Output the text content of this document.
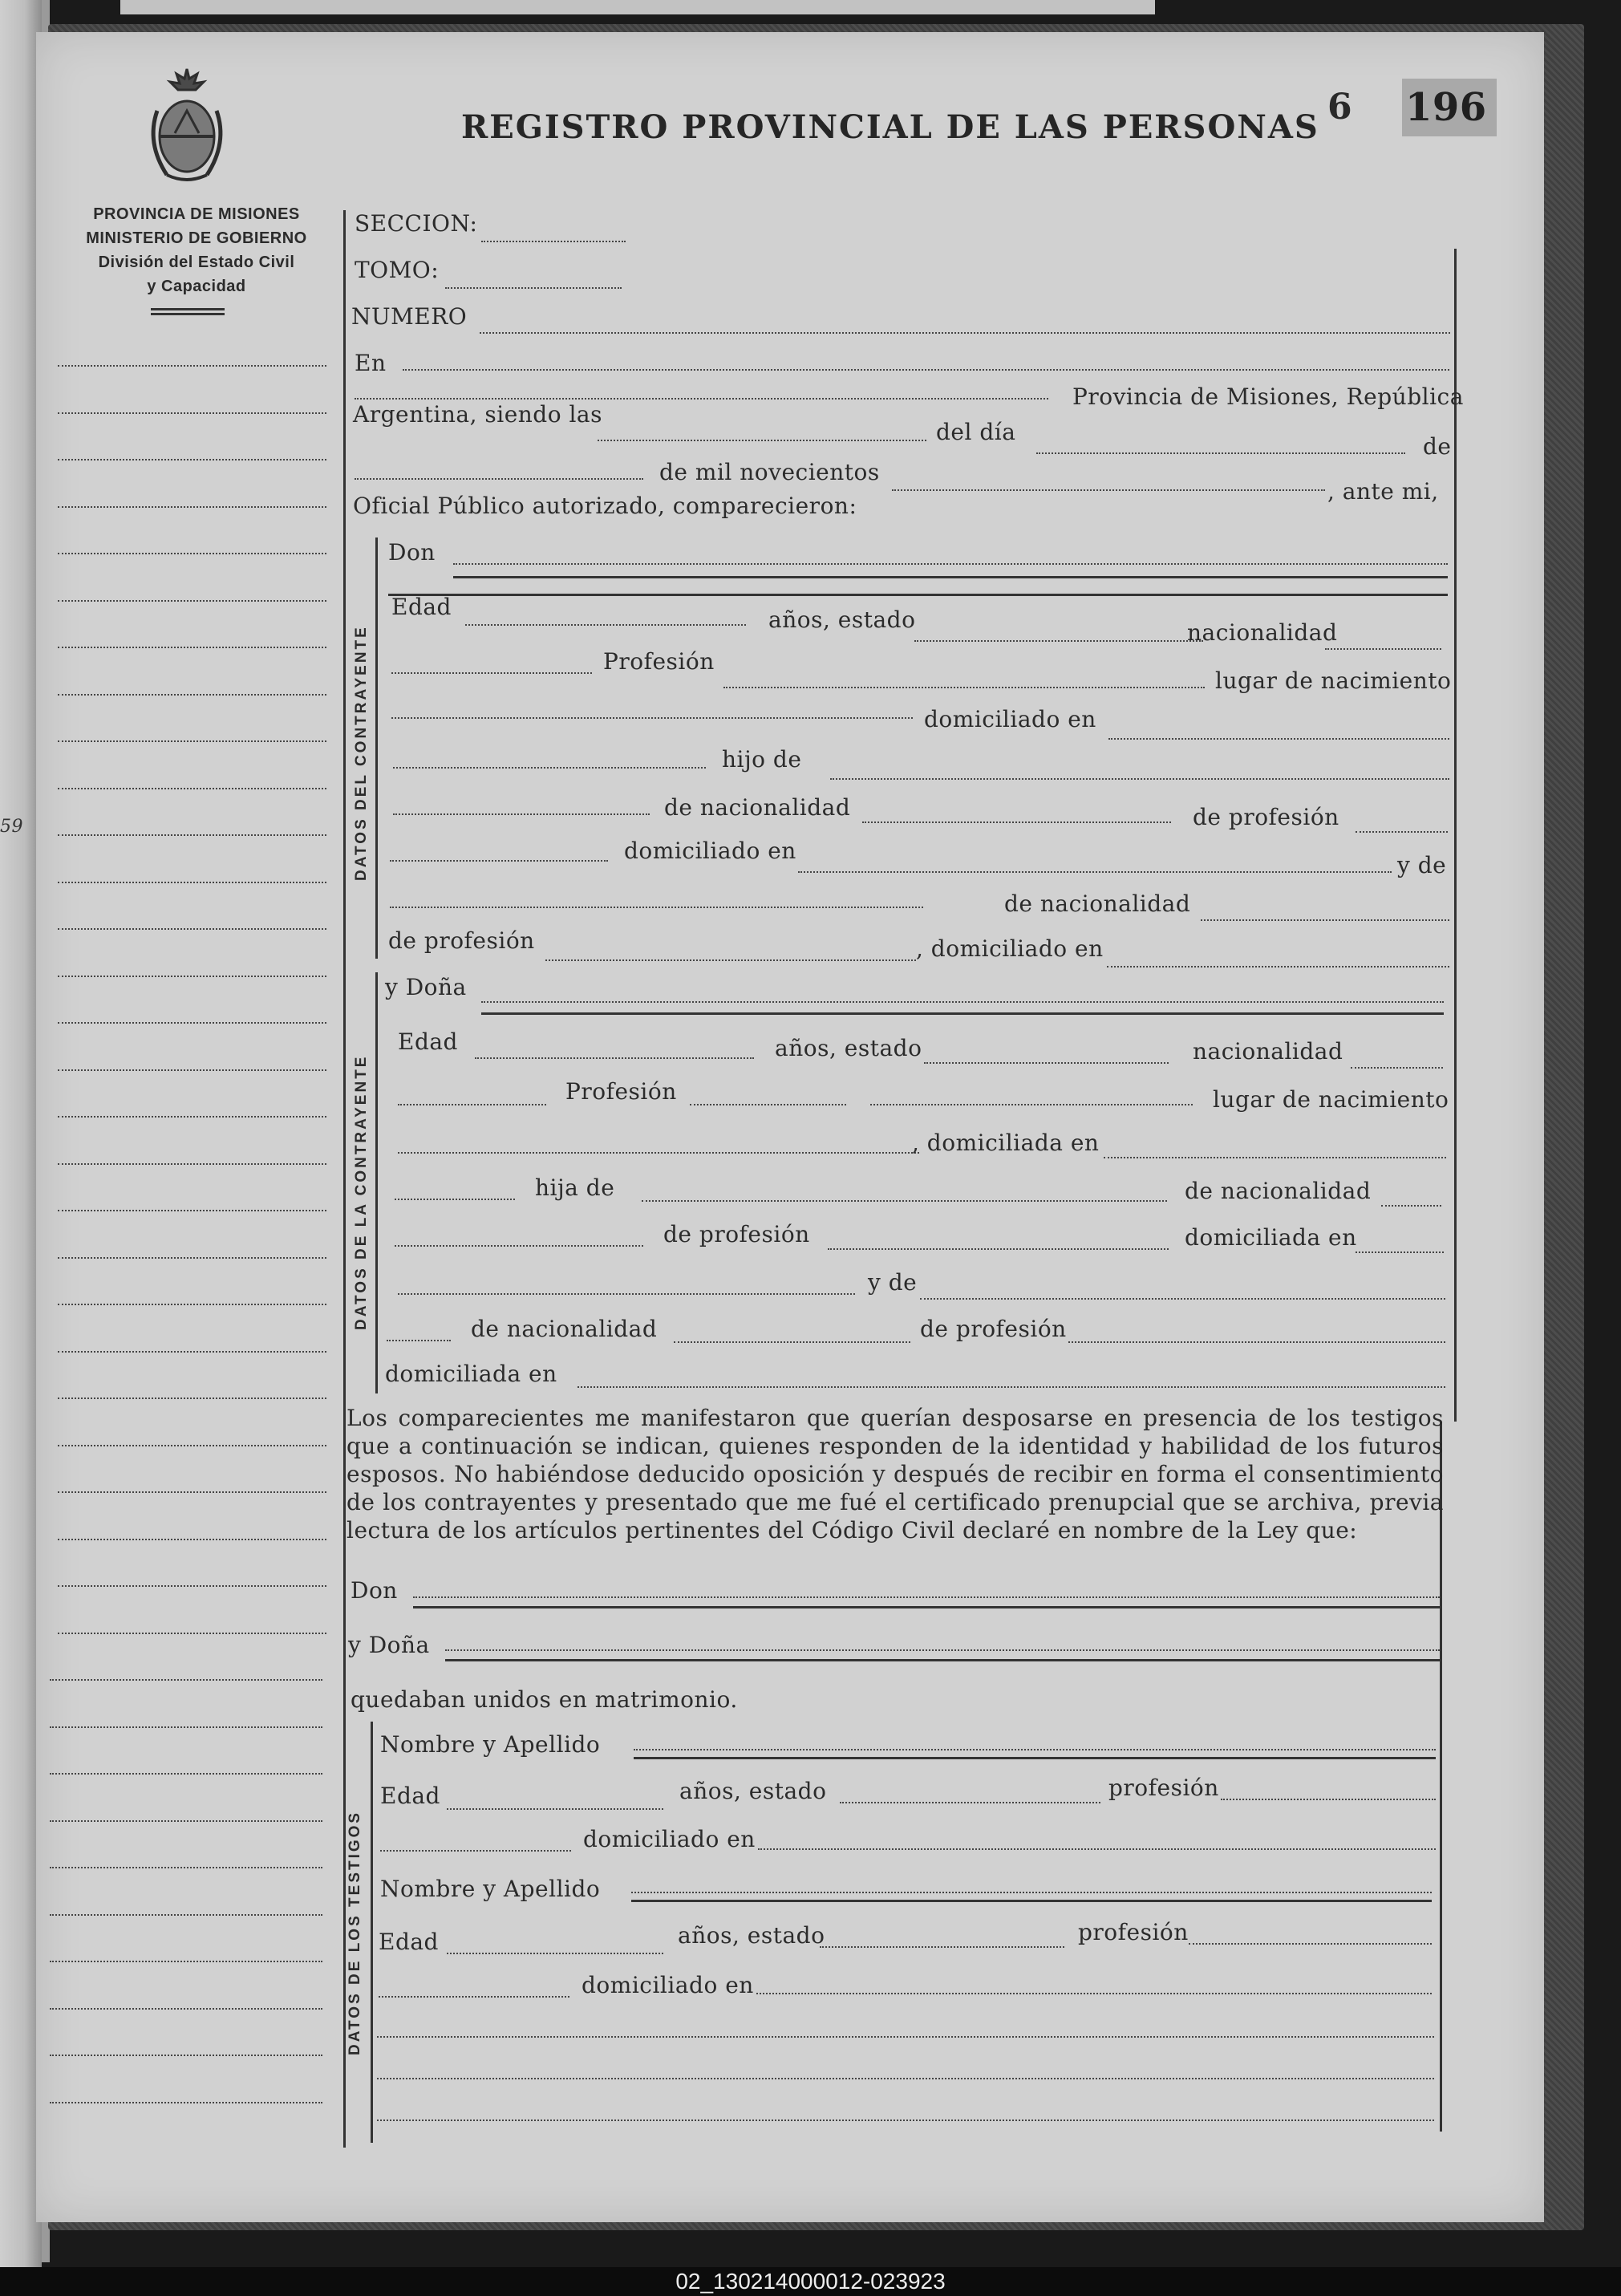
PROVINCIA DE MISIONES
MINISTERIO DE GOBIERNO
División del Estado Civil
y Capacidad
REGISTRO PROVINCIAL DE LAS PERSONAS 6 196
59	DATOS DEL CONTRAYENTE
DATOS DE LA CONTRAYENTE
DATOS DE LOS TESTIGOS
SECCION:
TOMO:
NUMERO
En
Provincia de Misiones, República
Argentina, siendo las
del día
de
de mil novecientos
, ante mi,
Oficial Público autorizado, comparecieron:
Don
Edad	años, estado	nacionalidad
Profesión
lugar de nacimiento
domiciliado en
hijo de
de nacionalidad	de profesión
domiciliado en
y de
de nacionalidad
de profesión	, domiciliado en
y Doña
Edad	años, estado	nacionalidad
Profesión	lugar de nacimiento
, domiciliada en
hija de	de nacionalidad
de profesión	domiciliada en
y de
de nacionalidad	de profesión
domiciliada en
Los comparecientes me manifestaron que querían desposarse en presencia de los testigos que a continuación se indican, quienes responden de la identidad y habilidad de los futuros esposos. No habiéndose deducido oposición y después de recibir en forma el consentimiento de los contrayentes y presentado que me fué el certificado prenupcial que se archiva, previa lectura de los artículos pertinentes del Código Civil declaré en nombre de la Ley que:
Don
y Doña
quedaban unidos en matrimonio.
Nombre y Apellido
Edad	años, estado	profesión
domiciliado en
Nombre y Apellido
Edad	años, estado	profesión
domiciliado en
02_130214000012-023923
